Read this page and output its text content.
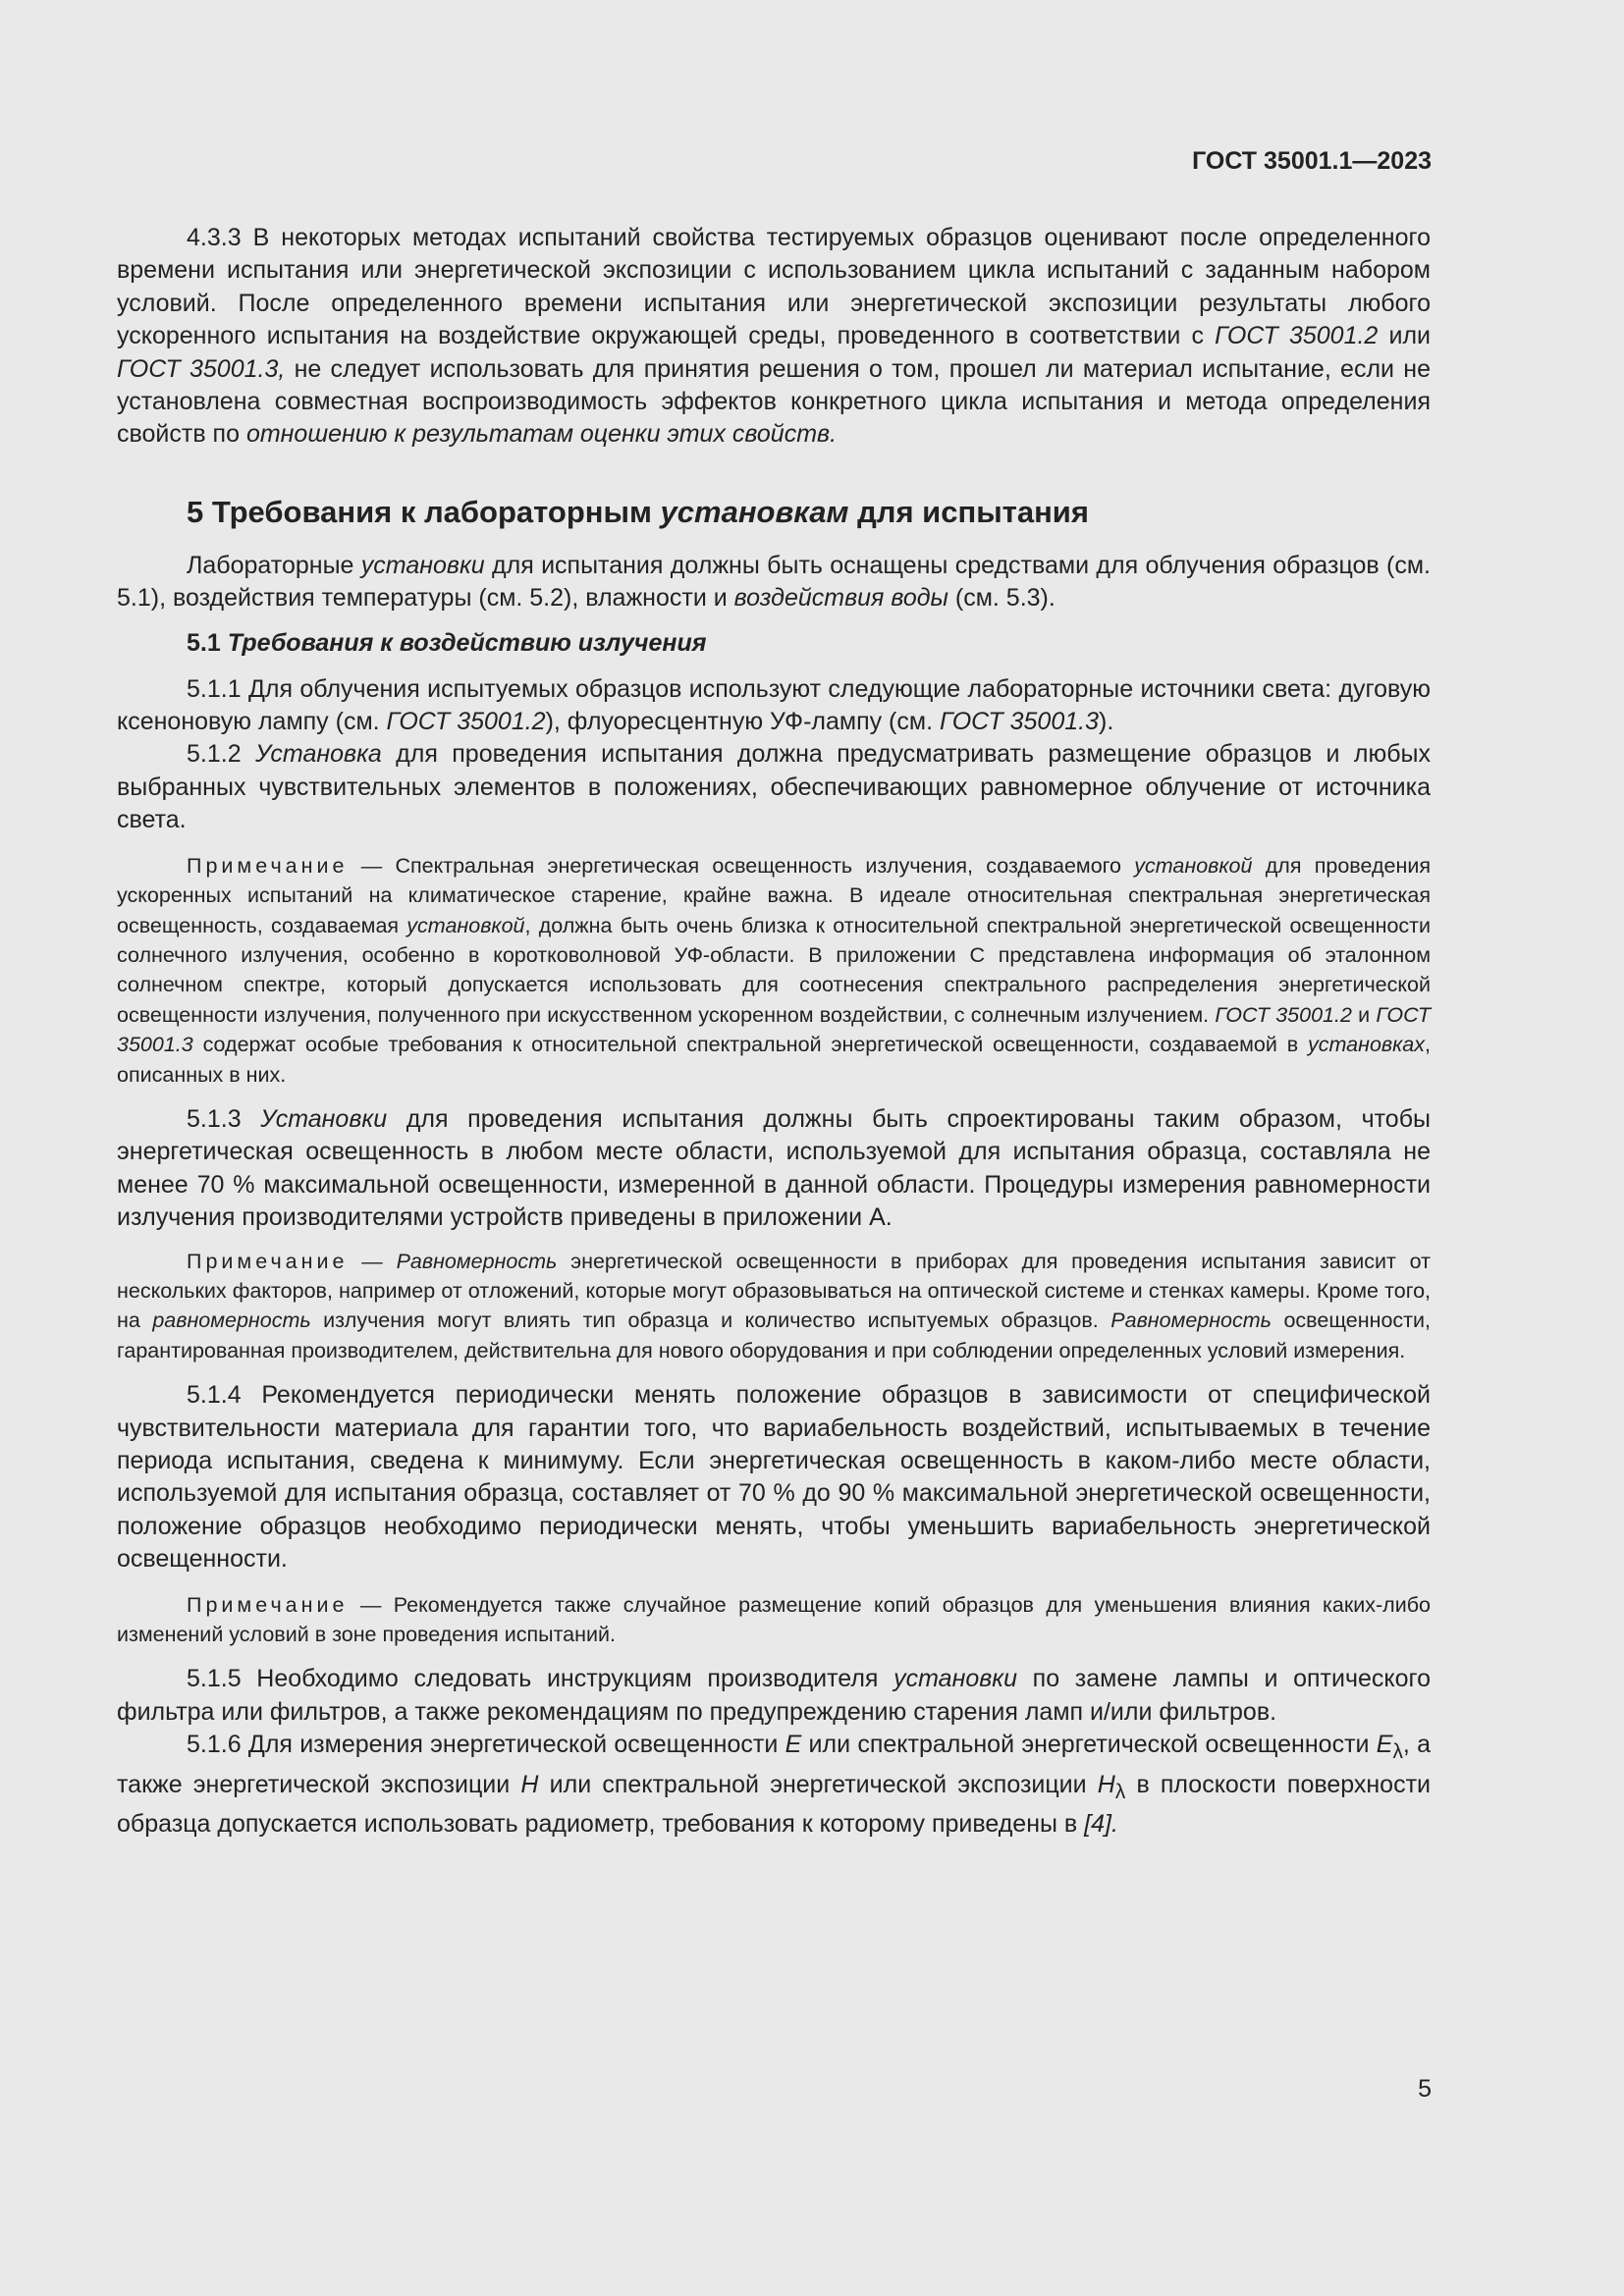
ГОСТ 35001.1—2023

4.3.3 В некоторых методах испытаний свойства тестируемых образцов оценивают после определенного времени испытания или энергетической экспозиции с использованием цикла испытаний с заданным набором условий. После определенного времени испытания или энергетической экспозиции результаты любого ускоренного испытания на воздействие окружающей среды, проведенного в соответствии с ГОСТ 35001.2 или ГОСТ 35001.3, не следует использовать для принятия решения о том, прошел ли материал испытание, если не установлена совместная воспроизводимость эффектов конкретного цикла испытания и метода определения свойств по отношению к результатам оценки этих свойств.

5 Требования к лабораторным установкам для испытания

Лабораторные установки для испытания должны быть оснащены средствами для облучения образцов (см. 5.1), воздействия температуры (см. 5.2), влажности и воздействия воды (см. 5.3).

5.1 Требования к воздействию излучения

5.1.1 Для облучения испытуемых образцов используют следующие лабораторные источники света: дуговую ксеноновую лампу (см. ГОСТ 35001.2), флуоресцентную УФ-лампу (см. ГОСТ 35001.3).

5.1.2 Установка для проведения испытания должна предусматривать размещение образцов и любых выбранных чувствительных элементов в положениях, обеспечивающих равномерное облучение от источника света.

Примечание — Спектральная энергетическая освещенность излучения, создаваемого установкой для проведения ускоренных испытаний на климатическое старение, крайне важна. В идеале относительная спектральная энергетическая освещенность, создаваемая установкой, должна быть очень близка к относительной спектральной энергетической освещенности солнечного излучения, особенно в коротковолновой УФ-области. В приложении С представлена информация об эталонном солнечном спектре, который допускается использовать для соотнесения спектрального распределения энергетической освещенности излучения, полученного при искусственном ускоренном воздействии, с солнечным излучением. ГОСТ 35001.2 и ГОСТ 35001.3 содержат особые требования к относительной спектральной энергетической освещенности, создаваемой в установках, описанных в них.

5.1.3 Установки для проведения испытания должны быть спроектированы таким образом, чтобы энергетическая освещенность в любом месте области, используемой для испытания образца, составляла не менее 70 % максимальной освещенности, измеренной в данной области. Процедуры измерения равномерности излучения производителями устройств приведены в приложении А.

Примечание — Равномерность энергетической освещенности в приборах для проведения испытания зависит от нескольких факторов, например от отложений, которые могут образовываться на оптической системе и стенках камеры. Кроме того, на равномерность излучения могут влиять тип образца и количество испытуемых образцов. Равномерность освещенности, гарантированная производителем, действительна для нового оборудования и при соблюдении определенных условий измерения.

5.1.4 Рекомендуется периодически менять положение образцов в зависимости от специфической чувствительности материала для гарантии того, что вариабельность воздействий, испытываемых в течение периода испытания, сведена к минимуму. Если энергетическая освещенность в каком-либо месте области, используемой для испытания образца, составляет от 70 % до 90 % максимальной энергетической освещенности, положение образцов необходимо периодически менять, чтобы уменьшить вариабельность энергетической освещенности.

Примечание — Рекомендуется также случайное размещение копий образцов для уменьшения влияния каких-либо изменений условий в зоне проведения испытаний.

5.1.5 Необходимо следовать инструкциям производителя установки по замене лампы и оптического фильтра или фильтров, а также рекомендациям по предупреждению старения ламп и/или фильтров.

5.1.6 Для измерения энергетической освещенности E или спектральной энергетической освещенности $E_\lambda$, а также энергетической экспозиции H или спектральной энергетической экспозиции $H_\lambda$ в плоскости поверхности образца допускается использовать радиометр, требования к которому приведены в [4].

5
